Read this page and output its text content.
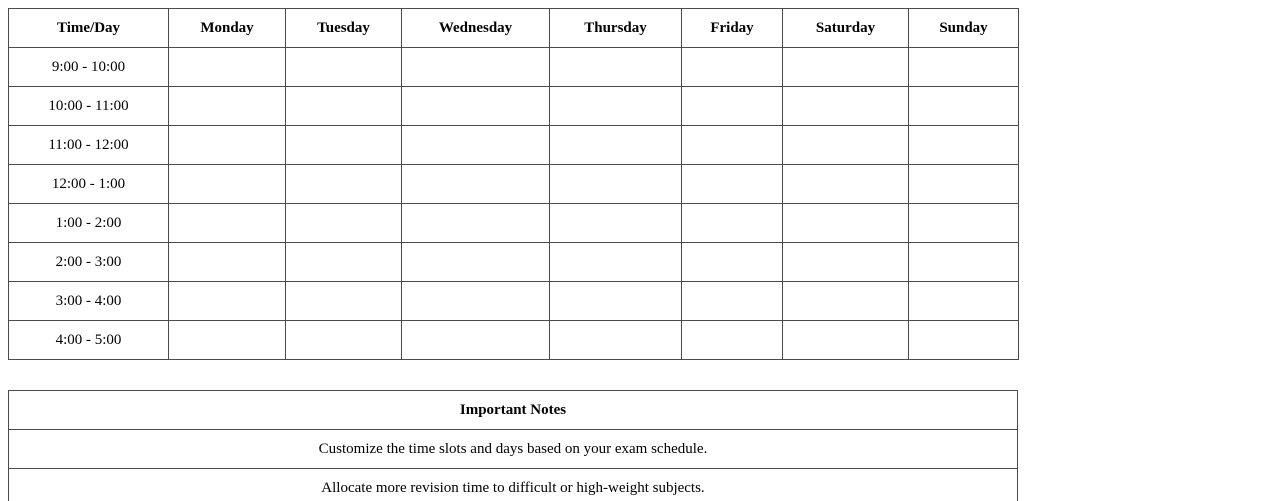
Time/Day	Monday	Tuesday	Wednesday	Thursday	Friday	Saturday	Sunday
9:00 - 10:00							
10:00 - 11:00							
11:00 - 12:00							
12:00 - 1:00							
1:00 - 2:00							
2:00 - 3:00							
3:00 - 4:00							
4:00 - 5:00							
Important Notes
Customize the time slots and days based on your exam schedule.
Allocate more revision time to difficult or high-weight subjects.
